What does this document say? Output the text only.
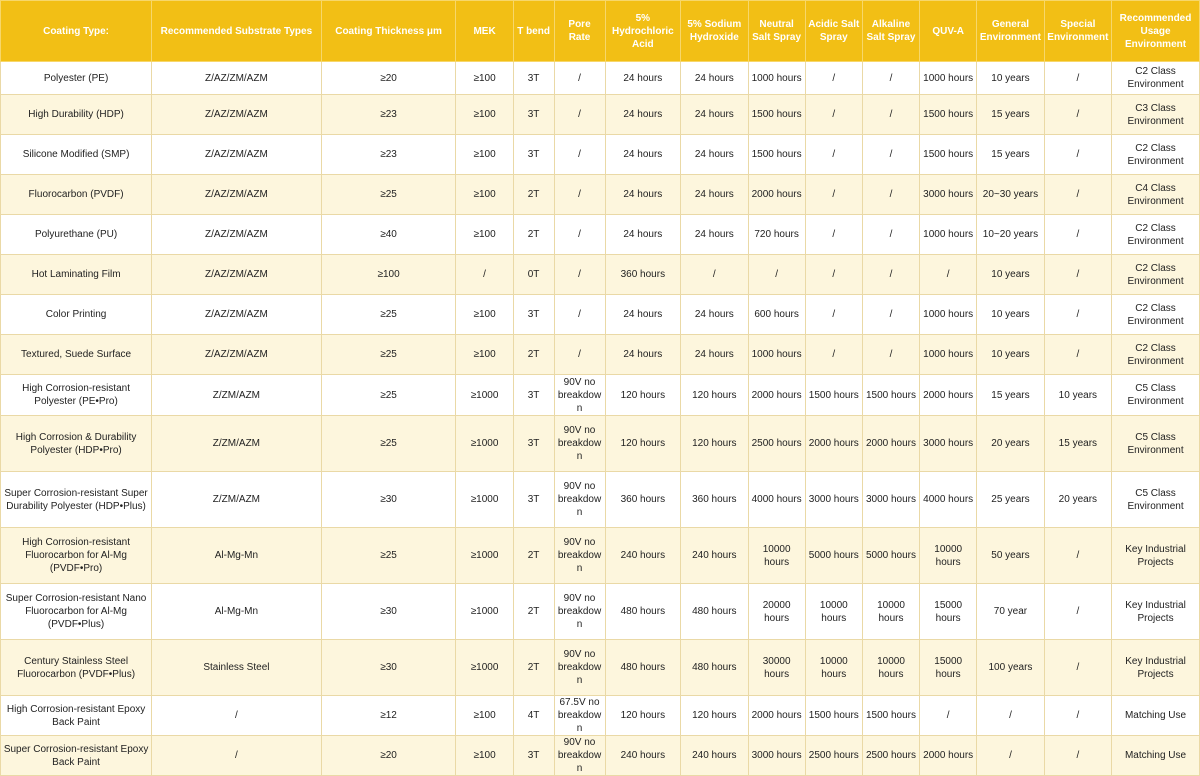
Coating Type:	Recommended Substrate Types	Coating Thickness μm	MEK	T bend	Pore Rate	5% Hydrochloric Acid	5% Sodium Hydroxide	Neutral Salt Spray	Acidic Salt Spray	Alkaline Salt Spray	QUV-A	General Environment	Special Environment	Recommended Usage Environment
Polyester (PE)	Z/AZ/ZM/AZM	≥20	≥100	3T	/	24 hours	24 hours	1000 hours	/	/	1000 hours	10 years	/	C2 Class Environment
High Durability (HDP)	Z/AZ/ZM/AZM	≥23	≥100	3T	/	24 hours	24 hours	1500 hours	/	/	1500 hours	15 years	/	C3 Class Environment
Silicone Modified (SMP)	Z/AZ/ZM/AZM	≥23	≥100	3T	/	24 hours	24 hours	1500 hours	/	/	1500 hours	15 years	/	C2 Class Environment
Fluorocarbon (PVDF)	Z/AZ/ZM/AZM	≥25	≥100	2T	/	24 hours	24 hours	2000 hours	/	/	3000 hours	20~30 years	/	C4 Class Environment
Polyurethane (PU)	Z/AZ/ZM/AZM	≥40	≥100	2T	/	24 hours	24 hours	720 hours	/	/	1000 hours	10~20 years	/	C2 Class Environment
Hot Laminating Film	Z/AZ/ZM/AZM	≥100	/	0T	/	360 hours	/	/	/	/	/	10 years	/	C2 Class Environment
Color Printing	Z/AZ/ZM/AZM	≥25	≥100	3T	/	24 hours	24 hours	600 hours	/	/	1000 hours	10 years	/	C2 Class Environment
Textured, Suede Surface	Z/AZ/ZM/AZM	≥25	≥100	2T	/	24 hours	24 hours	1000 hours	/	/	1000 hours	10 years	/	C2 Class Environment
High Corrosion-resistant Polyester (PE•Pro)	Z/ZM/AZM	≥25	≥1000	3T	90V no breakdown	120 hours	120 hours	2000 hours	1500 hours	1500 hours	2000 hours	15 years	10 years	C5 Class Environment
High Corrosion & Durability Polyester (HDP•Pro)	Z/ZM/AZM	≥25	≥1000	3T	90V no breakdown	120 hours	120 hours	2500 hours	2000 hours	2000 hours	3000 hours	20 years	15 years	C5 Class Environment
Super Corrosion-resistant Super Durability Polyester (HDP•Plus)	Z/ZM/AZM	≥30	≥1000	3T	90V no breakdown	360 hours	360 hours	4000 hours	3000 hours	3000 hours	4000 hours	25 years	20 years	C5 Class Environment
High Corrosion-resistant Fluorocarbon for Al-Mg (PVDF•Pro)	Al-Mg-Mn	≥25	≥1000	2T	90V no breakdown	240 hours	240 hours	10000 hours	5000 hours	5000 hours	10000 hours	50 years	/	Key Industrial Projects
Super Corrosion-resistant Nano Fluorocarbon for Al-Mg (PVDF•Plus)	Al-Mg-Mn	≥30	≥1000	2T	90V no breakdown	480 hours	480 hours	20000 hours	10000 hours	10000 hours	15000 hours	70 year	/	Key Industrial Projects
Century Stainless Steel Fluorocarbon (PVDF•Plus)	Stainless Steel	≥30	≥1000	2T	90V no breakdown	480 hours	480 hours	30000 hours	10000 hours	10000 hours	15000 hours	100 years	/	Key Industrial Projects
High Corrosion-resistant Epoxy Back Paint	/	≥12	≥100	4T	67.5V no breakdown	120 hours	120 hours	2000 hours	1500 hours	1500 hours	/	/	/	Matching Use
Super Corrosion-resistant Epoxy Back Paint	/	≥20	≥100	3T	90V no breakdown	240 hours	240 hours	3000 hours	2500 hours	2500 hours	2000 hours	/	/	Matching Use
